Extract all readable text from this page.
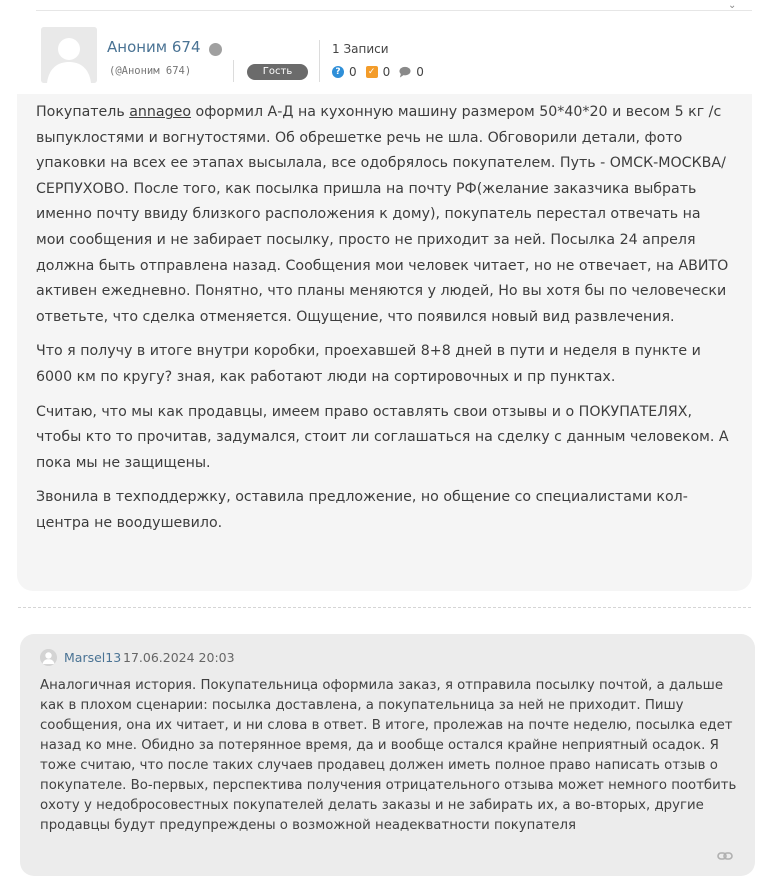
⌄
Аноним 674
(@Аноним 674)	Гость
1 Записи
? 0 ✓ 0 0

Покупатель annageo оформил А-Д на кухонную машину размером 50*40*20 и весом 5 кг /с выпуклостями и вогнутостями. Об обрешетке речь не шла. Обговорили детали, фото упаковки на всех ее этапах высылала, все одобрялось покупателем. Путь - ОМСК-МОСКВА/СЕРПУХОВО. После того, как посылка пришла на почту РФ(желание заказчика выбрать именно почту ввиду близкого расположения к дому), покупатель перестал отвечать на мои сообщения и не забирает посылку, просто не приходит за ней. Посылка 24 апреля должна быть отправлена назад. Сообщения мои человек читает, но не отвечает, на АВИТО активен ежедневно. Понятно, что планы меняются у людей, Но вы хотя бы по человечески ответьте, что сделка отменяется. Ощущение, что появился новый вид развлечения.

Что я получу в итоге внутри коробки, проехавшей 8+8 дней в пути и неделя в пункте и 6000 км по кругу? зная, как работают люди на сортировочных и пр пунктах.

Считаю, что мы как продавцы, имеем право оставлять свои отзывы и о ПОКУПАТЕЛЯХ, чтобы кто то прочитав, задумался, стоит ли соглашаться на сделку с данным человеком. А пока мы не защищены.

Звонила в техподдержку, оставила предложение, но общение со специалистами кол-центра не воодушевило.

Marsel13 17.06.2024 20:03
Аналогичная история. Покупательница оформила заказ, я отправила посылку почтой, а дальше как в плохом сценарии: посылка доставлена, а покупательница за ней не приходит. Пишу сообщения, она их читает, и ни слова в ответ. В итоге, пролежав на почте неделю, посылка едет назад ко мне. Обидно за потерянное время, да и вообще остался крайне неприятный осадок. Я тоже считаю, что после таких случаев продавец должен иметь полное право написать отзыв о покупателе. Во-первых, перспектива получения отрицательного отзыва может немного поотбить охоту у недобросовестных покупателей делать заказы и не забирать их, а во-вторых, другие продавцы будут предупреждены о возможной неадекватности покупателя
